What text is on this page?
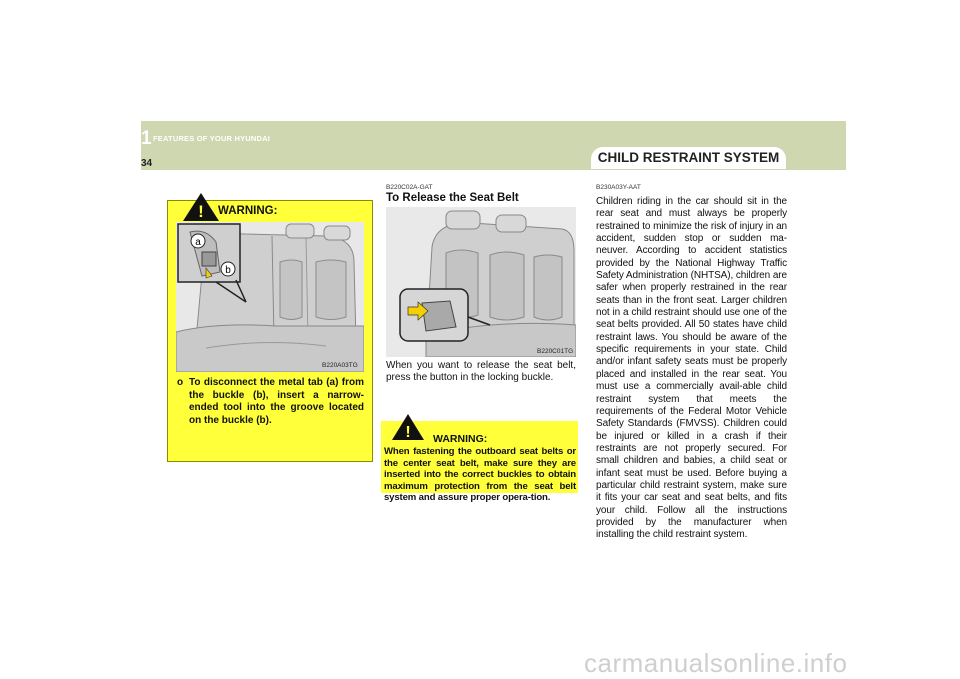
1 FEATURES OF YOUR HYUNDAI
34	CHILD RESTRAINT SYSTEM
! WARNING:
a
b
B220A03TG
o To disconnect the metal tab (a) from the buckle (b), insert a narrow-ended tool into the groove located on the buckle (b).
B220C02A-GAT
To Release the Seat Belt
B220C01TG
When you want to release the seat belt, press the button in the locking buckle.
! WARNING:
When fastening the outboard seat belts or the center seat belt, make sure they are inserted into the correct buckles to obtain maximum protection from the seat belt system and assure proper opera-tion.
B230A03Y-AAT
Children riding in the car should sit in the rear seat and must always be properly restrained to minimize the risk of injury in an accident, sudden stop or sudden ma-neuver. According to accident statistics provided by the National Highway Traffic Safety Administration (NHTSA), children are safer when properly restrained in the rear seats than in the front seat. Larger children not in a child restraint should use one of the seat belts provided. All 50 states have child restraint laws. You should be aware of the specific requirements in your state. Child and/or infant safety seats must be properly placed and installed in the rear seat. You must use a commercially avail-able child restraint system that meets the requirements of the Federal Motor Vehicle Safety Standards (FMVSS). Children could be injured or killed in a crash if their restraints are not properly secured. For small children and babies, a child seat or infant seat must be used. Before buying a particular child restraint system, make sure it fits your car seat and seat belts, and fits your child. Follow all the instructions provided by the manufacturer when installing the child restraint system.
carmanualsonline.info
